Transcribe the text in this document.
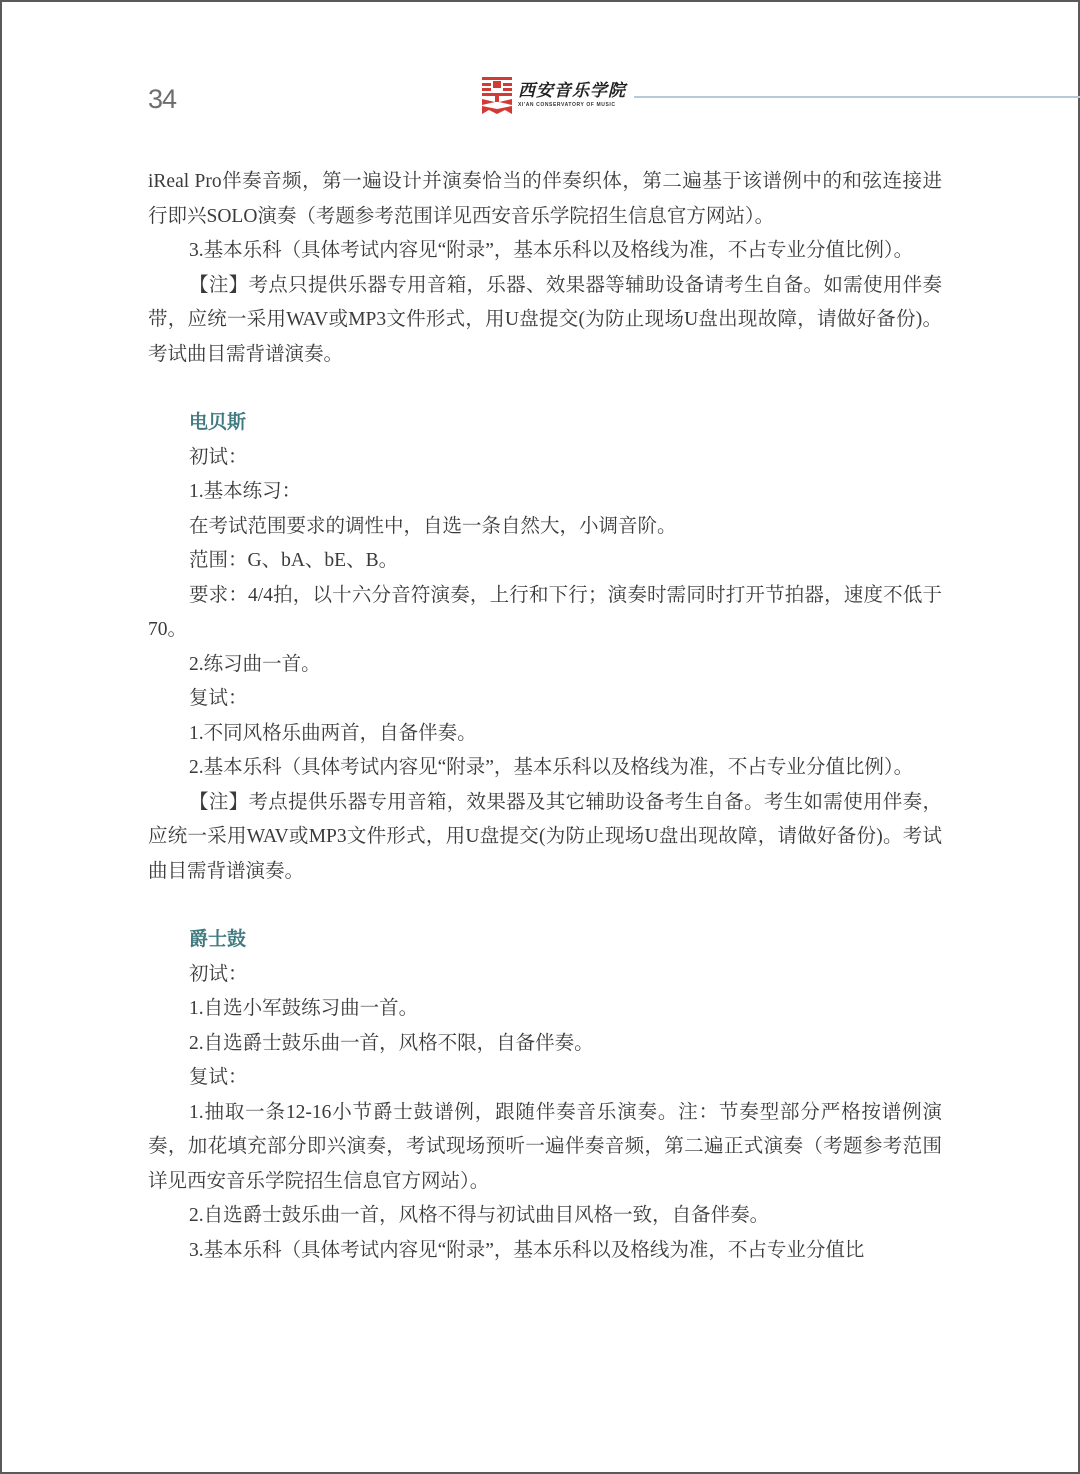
34	西安音乐学院
XI'AN CONSERVATORY OF MUSIC

iReal Pro伴奏音频，第一遍设计并演奏恰当的伴奏织体，第二遍基于该谱例中的和弦连接进行即兴SOLO演奏（考题参考范围详见西安音乐学院招生信息官方网站）。

3.基本乐科（具体考试内容见“附录”，基本乐科以及格线为准，不占专业分值比例）。

【注】考点只提供乐器专用音箱，乐器、效果器等辅助设备请考生自备。如需使用伴奏带，应统一采用WAV或MP3文件形式，用U盘提交(为防止现场U盘出现故障，请做好备份)。考试曲目需背谱演奏。

电贝斯

初试：

1.基本练习：

在考试范围要求的调性中，自选一条自然大，小调音阶。

范围：G、bA、bE、B。

要求：4/4拍，以十六分音符演奏，上行和下行；演奏时需同时打开节拍器，速度不低于70。

2.练习曲一首。

复试：

1.不同风格乐曲两首，自备伴奏。

2.基本乐科（具体考试内容见“附录”，基本乐科以及格线为准，不占专业分值比例）。

【注】考点提供乐器专用音箱，效果器及其它辅助设备考生自备。考生如需使用伴奏，应统一采用WAV或MP3文件形式，用U盘提交(为防止现场U盘出现故障，请做好备份)。考试曲目需背谱演奏。

爵士鼓

初试：

1.自选小军鼓练习曲一首。

2.自选爵士鼓乐曲一首，风格不限，自备伴奏。

复试：

1.抽取一条12-16小节爵士鼓谱例，跟随伴奏音乐演奏。注：节奏型部分严格按谱例演奏，加花填充部分即兴演奏，考试现场预听一遍伴奏音频，第二遍正式演奏（考题参考范围详见西安音乐学院招生信息官方网站）。

2.自选爵士鼓乐曲一首，风格不得与初试曲目风格一致，自备伴奏。

3.基本乐科（具体考试内容见“附录”，基本乐科以及格线为准，不占专业分值比
